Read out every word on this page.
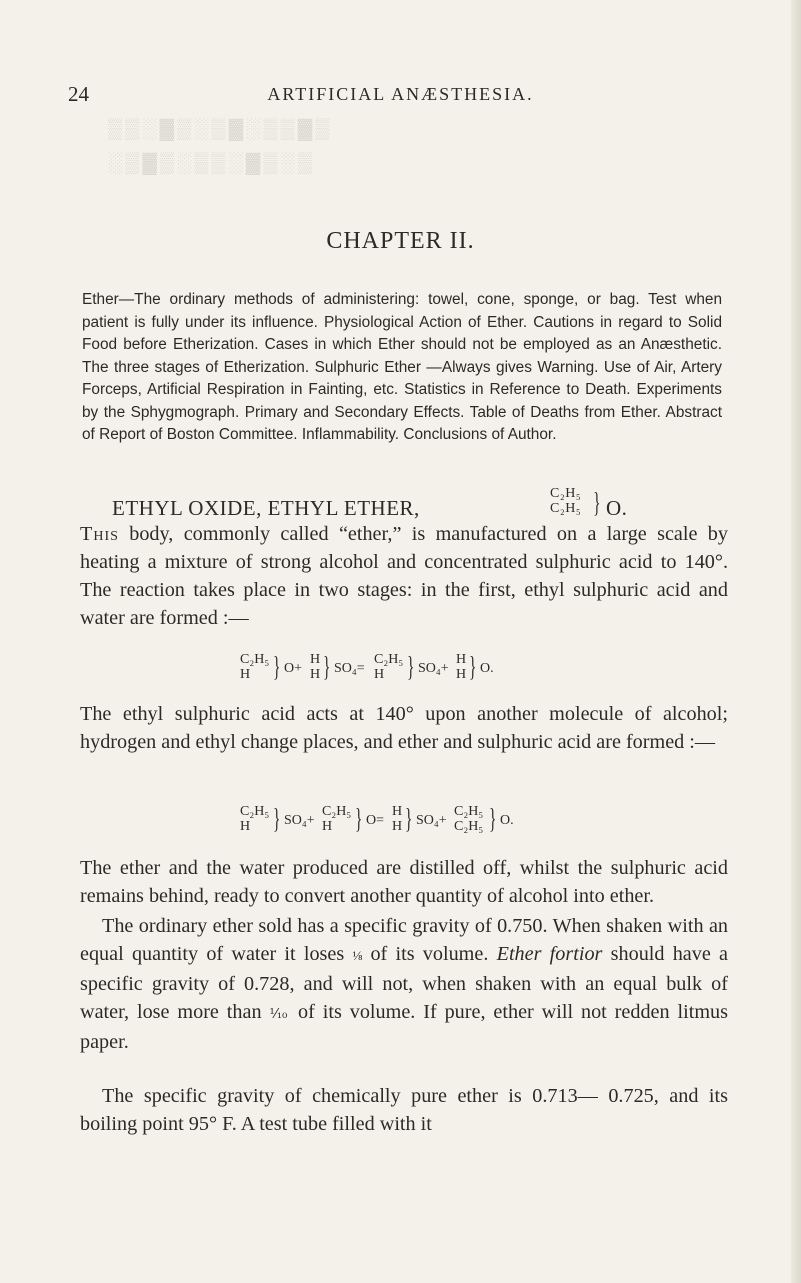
24	ARTIFICIAL ANÆSTHESIA.
▒▒░▓▒░▒▓░▒▒▓▒
░▒▓▒░▒▒░▓▒░▒
CHAPTER II.
Ether—The ordinary methods of administering: towel, cone, sponge, or bag. Test when patient is fully under its influence. Physiological Action of Ether. Cautions in regard to Solid Food before Etherization. Cases in which Ether should not be employed as an Anæsthetic. The three stages of Etherization. Sulphuric Ether —Always gives Warning. Use of Air, Artery Forceps, Artificial Respiration in Fainting, etc. Statistics in Reference to Death. Experiments by the Sphygmograph. Primary and Secondary Effects. Table of Deaths from Ether. Abstract of Report of Boston Committee. Inflammability. Conclusions of Author.
ETHYL OXIDE, ETHYL ETHER,
C₂H₅
C₂H₅ } O.

This body, commonly called “ether,” is manufactured on a large scale by heating a mixture of strong alcohol and concentrated sulphuric acid to 140°. The reaction takes place in two stages: in the first, ethyl sulphuric acid and water are formed :—

C₂H₅

H } O+
H

H } SO₄=
C₂H₅

H } SO₄+
H

H } O.

The ethyl sulphuric acid acts at 140° upon another molecule of alcohol; hydrogen and ethyl change places, and ether and sulphuric acid are formed :—

C₂H₅

H } SO₄+
C₂H₅

H } O=
H

H } SO₄+
C₂H₅

C₂H₅ } O.

The ether and the water produced are distilled off, whilst the sulphuric acid remains behind, ready to convert another quantity of alcohol into ether.

The ordinary ether sold has a specific gravity of 0.750. When shaken with an equal quantity of water it loses ⅛ of its volume. Ether fortior should have a specific gravity of 0.728, and will not, when shaken with an equal bulk of water, lose more than ⅒ of its volume. If pure, ether will not redden litmus paper.

The specific gravity of chemically pure ether is 0.713— 0.725, and its boiling point 95° F. A test tube filled with it
